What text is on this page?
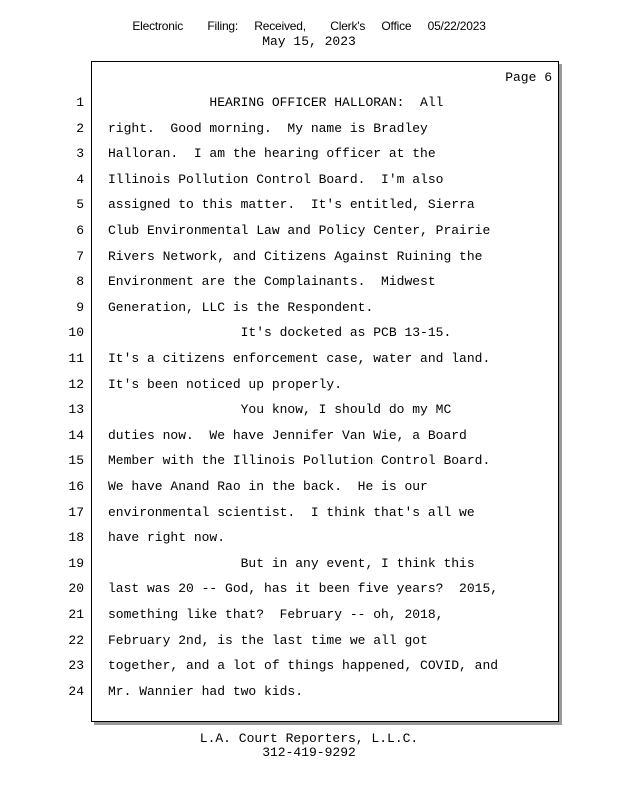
Electronic   Filing:  Received,   Clerk's  Office  05/22/2023
May 15, 2023
Page 6
1 HEARING OFFICER HALLORAN:  All
2 right.  Good morning.  My name is Bradley
3 Halloran.  I am the hearing officer at the
4 Illinois Pollution Control Board.  I'm also
5 assigned to this matter.  It's entitled, Sierra
6 Club Environmental Law and Policy Center, Prairie
7 Rivers Network, and Citizens Against Ruining the
8 Environment are the Complainants.  Midwest
9 Generation, LLC is the Respondent.
10 It's docketed as PCB 13-15.
11 It's a citizens enforcement case, water and land.
12 It's been noticed up properly.
13 You know, I should do my MC
14 duties now.  We have Jennifer Van Wie, a Board
15 Member with the Illinois Pollution Control Board.
16 We have Anand Rao in the back.  He is our
17 environmental scientist.  I think that's all we
18 have right now.
19 But in any event, I think this
20 last was 20 -- God, has it been five years?  2015,
21 something like that?  February -- oh, 2018,
22 February 2nd, is the last time we all got
23 together, and a lot of things happened, COVID, and
24 Mr. Wannier had two kids.
L.A. Court Reporters, L.L.C.
312-419-9292
